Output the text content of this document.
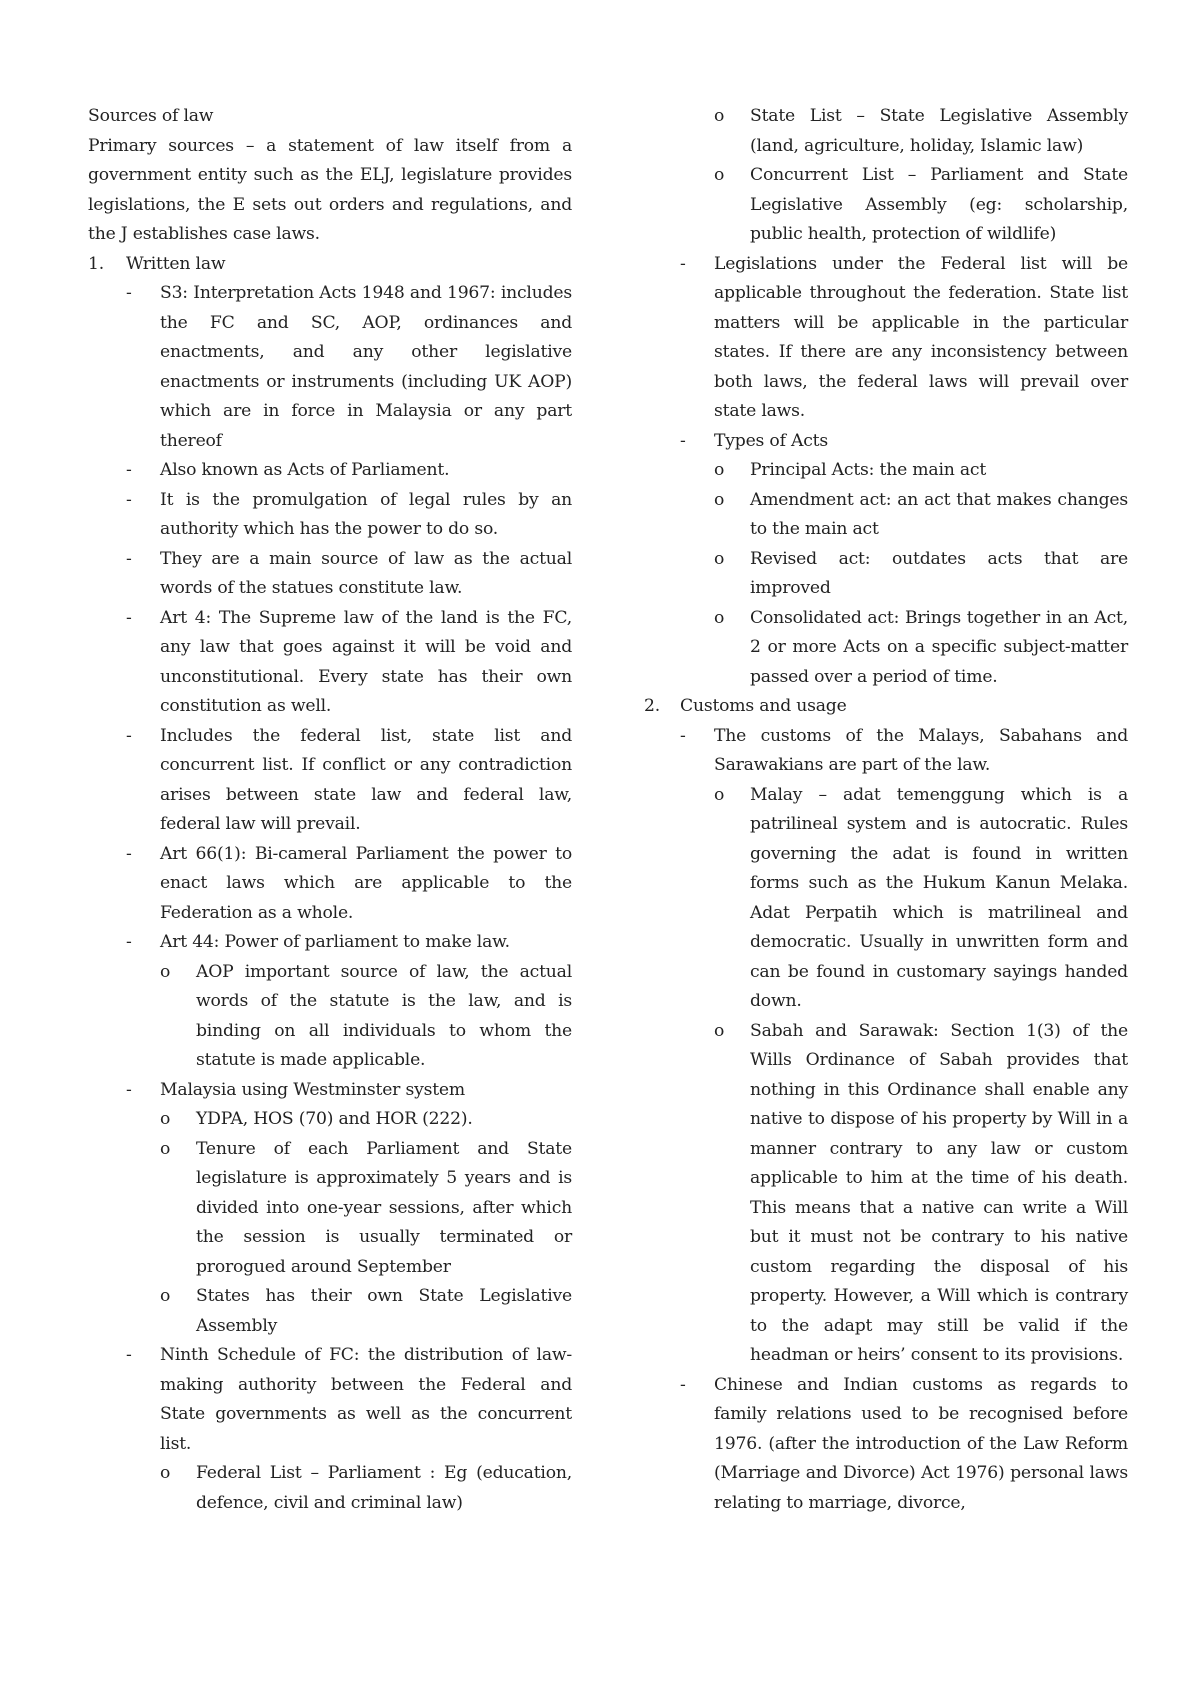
Sources of law

Primary sources – a statement of law itself from a government entity such as the ELJ, legislature provides legislations, the E sets out orders and regulations, and the J establishes case laws.

1.	Written law
-	S3: Interpretation Acts 1948 and 1967: includes the FC and SC, AOP, ordinances and enactments, and any other legislative enactments or instruments (including UK AOP) which are in force in Malaysia or any part thereof
-	Also known as Acts of Parliament.
-	It is the promulgation of legal rules by an authority which has the power to do so.
-	They are a main source of law as the actual words of the statues constitute law.
-	Art 4: The Supreme law of the land is the FC, any law that goes against it will be void and unconstitutional. Every state has their own constitution as well.
-	Includes the federal list, state list and concurrent list. If conflict or any contradiction arises between state law and federal law, federal law will prevail.
-	Art 66(1): Bi-cameral Parliament the power to enact laws which are applicable to the Federation as a whole.
-	Art 44: Power of parliament to make law.
o	AOP important source of law, the actual words of the statute is the law, and is binding on all individuals to whom the statute is made applicable.
-	Malaysia using Westminster system
o	YDPA, HOS (70) and HOR (222).
o	Tenure of each Parliament and State legislature is approximately 5 years and is divided into one-year sessions, after which the session is usually terminated or prorogued around September
o	States has their own State Legislative Assembly
-	Ninth Schedule of FC: the distribution of law-making authority between the Federal and State governments as well as the concurrent list.
o	Federal List – Parliament : Eg (education, defence, civil and criminal law)
o	State List – State Legislative Assembly (land, agriculture, holiday, Islamic law)
o	Concurrent List – Parliament and State Legislative Assembly (eg: scholarship, public health, protection of wildlife)
-	Legislations under the Federal list will be applicable throughout the federation. State list matters will be applicable in the particular states. If there are any inconsistency between both laws, the federal laws will prevail over state laws.
-	Types of Acts
o	Principal Acts: the main act
o	Amendment act: an act that makes changes to the main act
o	Revised act: outdates acts that are improved
o	Consolidated act: Brings together in an Act, 2 or more Acts on a specific subject-matter passed over a period of time.
2.	Customs and usage
-	The customs of the Malays, Sabahans and Sarawakians are part of the law.
o	Malay – adat temenggung which is a patrilineal system and is autocratic. Rules governing the adat is found in written forms such as the Hukum Kanun Melaka. Adat Perpatih which is matrilineal and democratic. Usually in unwritten form and can be found in customary sayings handed down.
o	Sabah and Sarawak: Section 1(3) of the Wills Ordinance of Sabah provides that nothing in this Ordinance shall enable any native to dispose of his property by Will in a manner contrary to any law or custom applicable to him at the time of his death. This means that a native can write a Will but it must not be contrary to his native custom regarding the disposal of his property. However, a Will which is contrary to the adapt may still be valid if the headman or heirs’ consent to its provisions.
-	Chinese and Indian customs as regards to family relations used to be recognised before 1976. (after the introduction of the Law Reform (Marriage and Divorce) Act 1976) personal laws relating to marriage, divorce,
